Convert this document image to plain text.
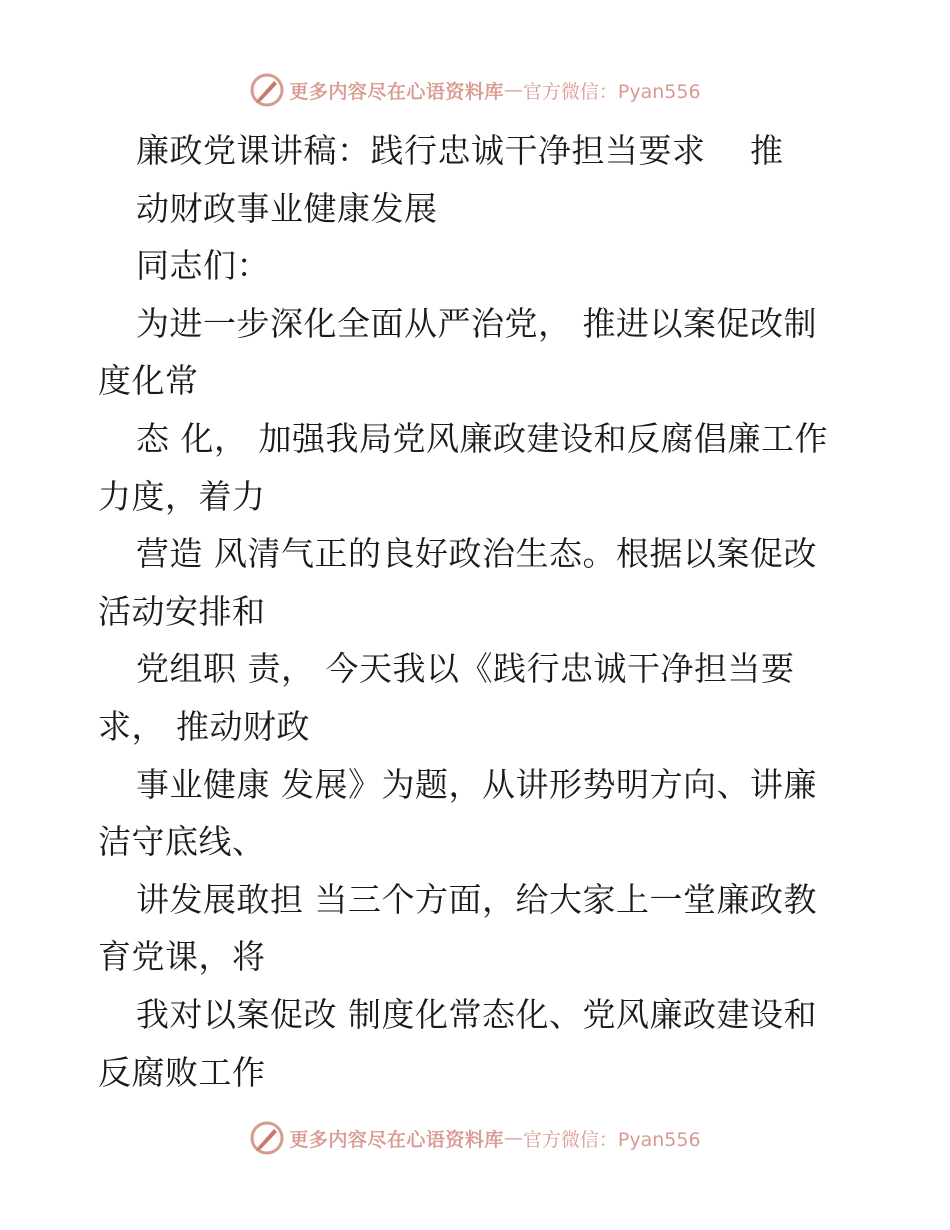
更多内容尽在心语资料库 — 官方微信：Pyan556
廉政党课讲稿：践行忠诚干净担当要求　 推
动财政事业健康发展
同志们：
为进一步深化全面从严治党， 推进以案促改制
度化常
态 化， 加强我局党风廉政建设和反腐倡廉工作
力度，着力
营造 风清气正的良好政治生态。根据以案促改
活动安排和
党组职 责， 今天我以《践行忠诚干净担当要
求， 推动财政
事业健康 发展》为题，从讲形势明方向、讲廉
洁守底线、
讲发展敢担 当三个方面，给大家上一堂廉政教
育党课，将
我对以案促改 制度化常态化、党风廉政建设和
反腐败工作
更多内容尽在心语资料库 — 官方微信：Pyan556
